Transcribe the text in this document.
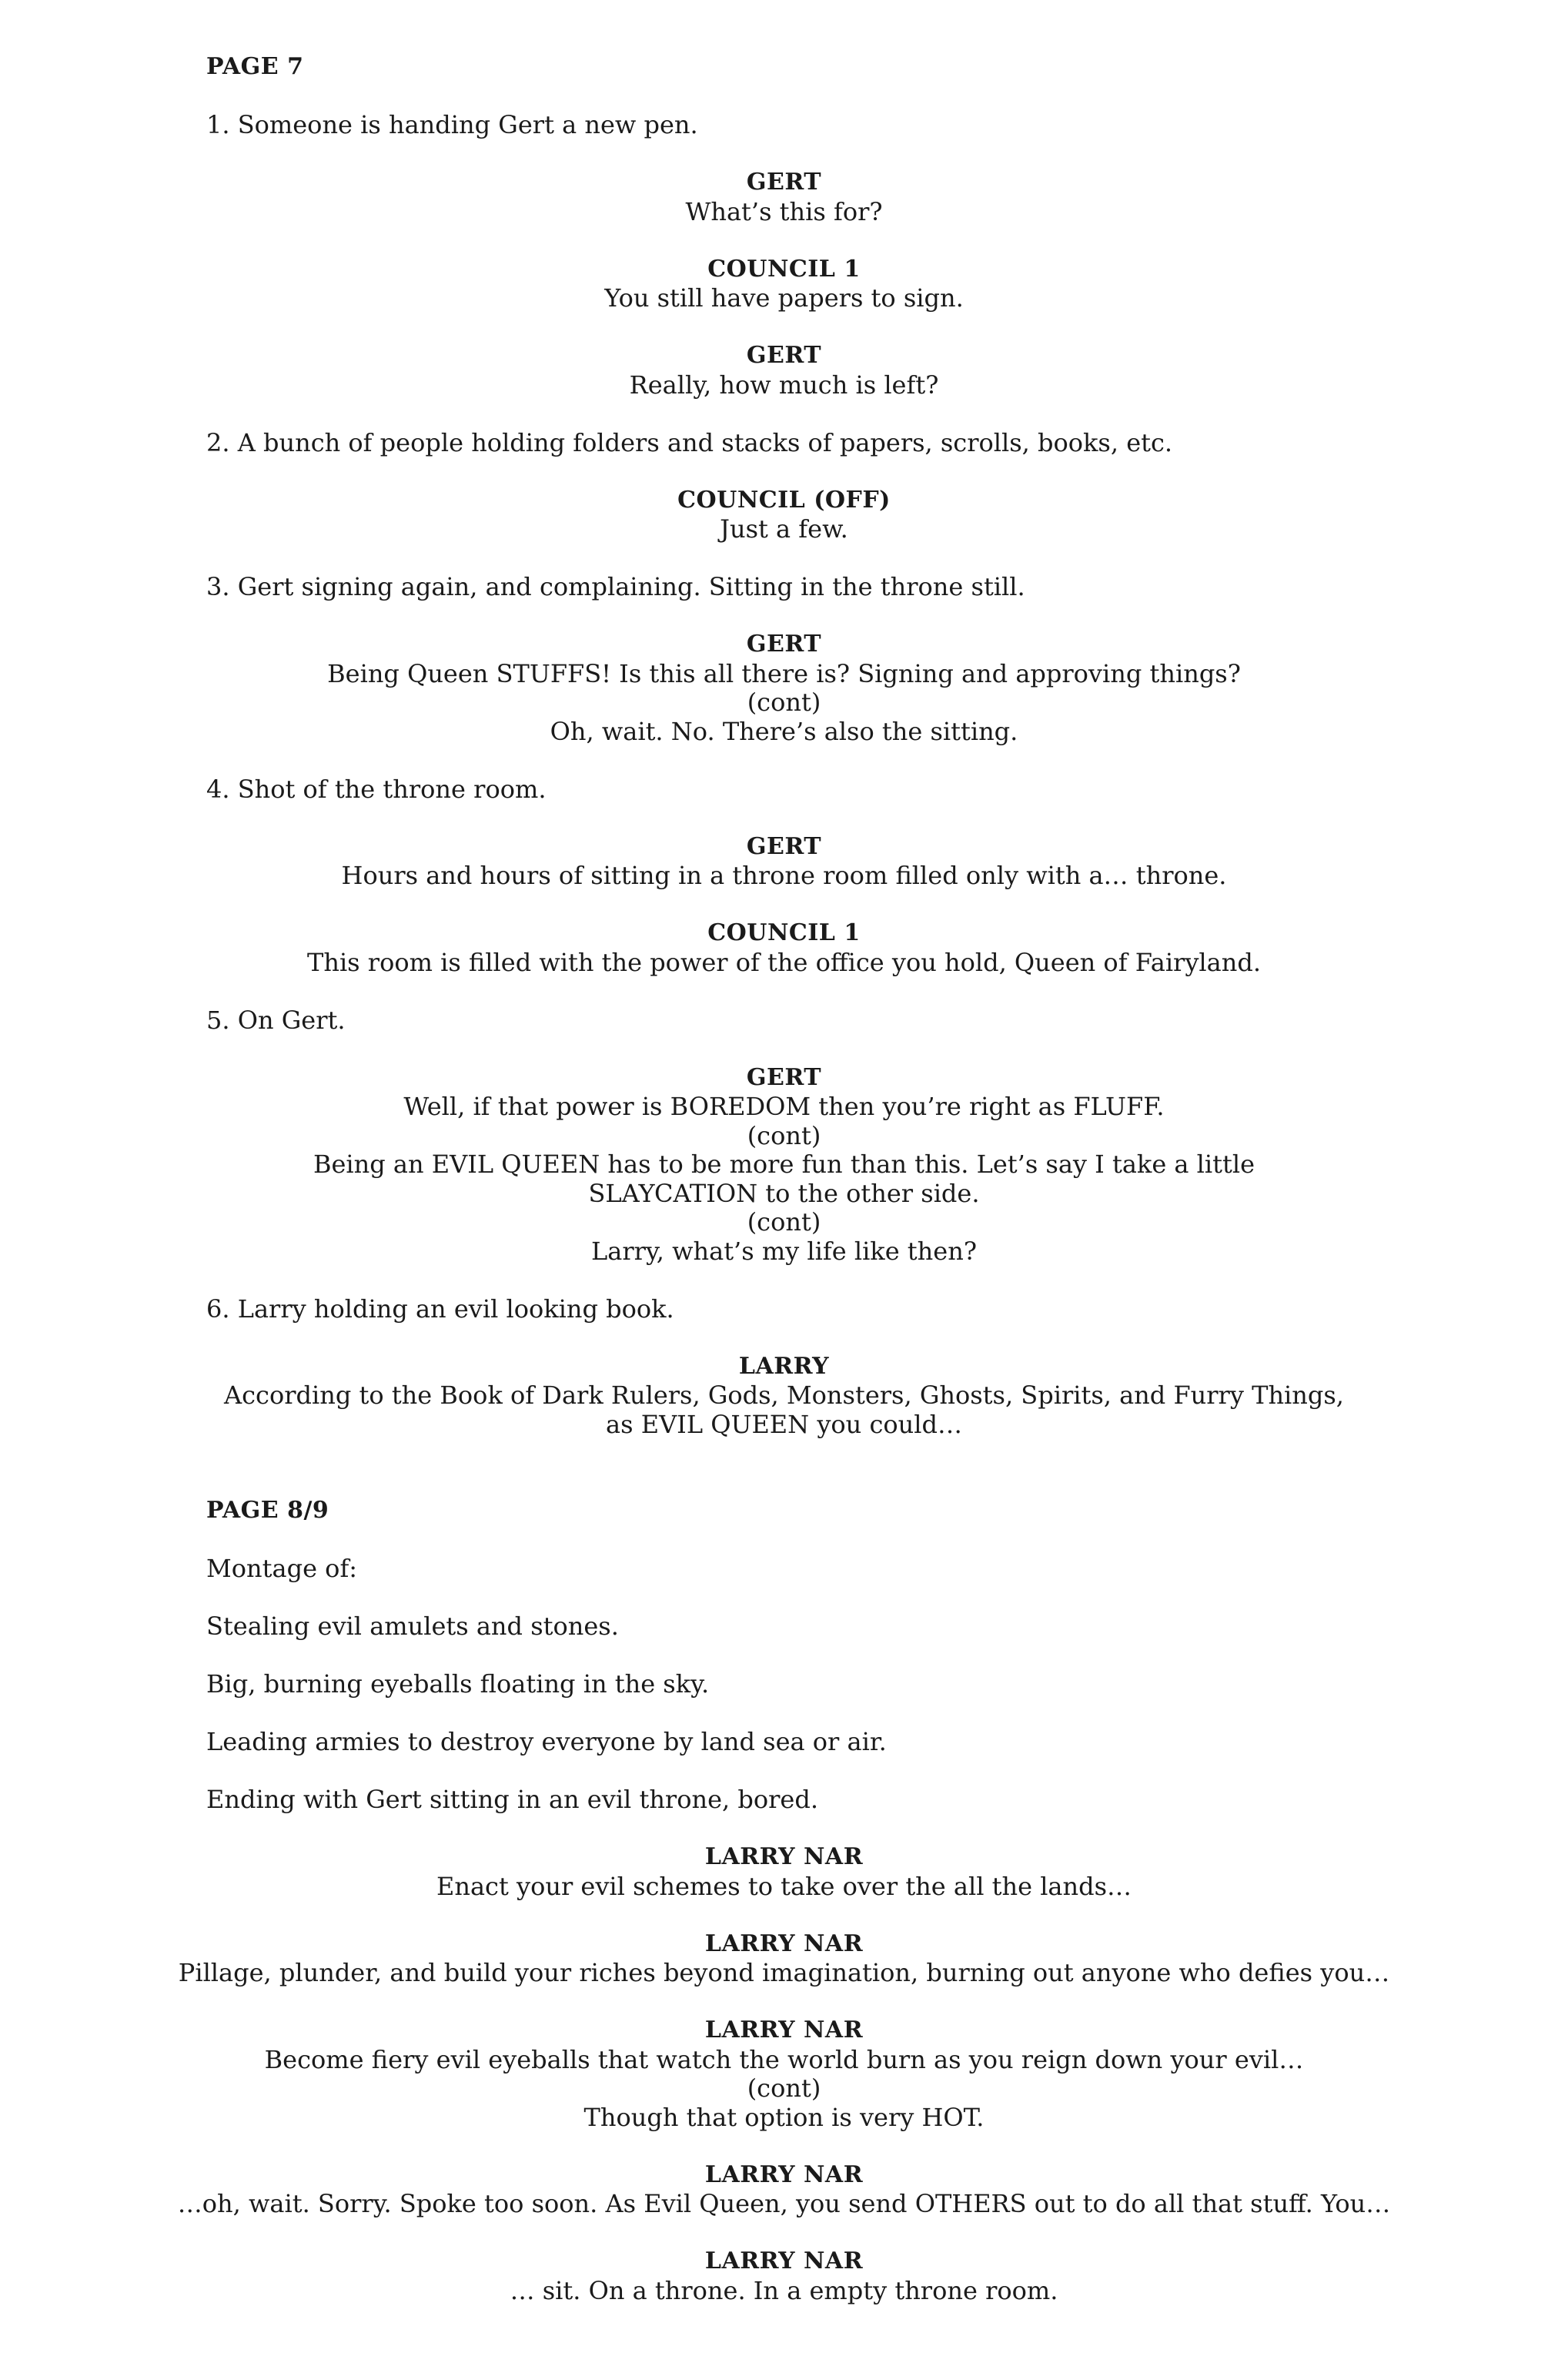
PAGE 7
1. Someone is handing Gert a new pen.
GERT
What’s this for?
COUNCIL 1
You still have papers to sign.
GERT
Really, how much is left?
2. A bunch of people holding folders and stacks of papers, scrolls, books, etc.
COUNCIL (OFF)
Just a few.
3. Gert signing again, and complaining. Sitting in the throne still.
GERT
Being Queen STUFFS! Is this all there is? Signing and approving things?
(cont)
Oh, wait. No. There’s also the sitting.
4. Shot of the throne room.
GERT
Hours and hours of sitting in a throne room filled only with a… throne.
COUNCIL 1
This room is filled with the power of the office you hold, Queen of Fairyland.
5. On Gert.
GERT
Well, if that power is BOREDOM then you’re right as FLUFF.
(cont)
Being an EVIL QUEEN has to be more fun than this. Let’s say I take a little
SLAYCATION to the other side.
(cont)
Larry, what’s my life like then?
6. Larry holding an evil looking book.
LARRY
According to the Book of Dark Rulers, Gods, Monsters, Ghosts, Spirits, and Furry Things,
as EVIL QUEEN you could…
PAGE 8/9
Montage of:
Stealing evil amulets and stones.
Big, burning eyeballs floating in the sky.
Leading armies to destroy everyone by land sea or air.
Ending with Gert sitting in an evil throne, bored.
LARRY NAR
Enact your evil schemes to take over the all the lands…
LARRY NAR
Pillage, plunder, and build your riches beyond imagination, burning out anyone who defies you…
LARRY NAR
Become fiery evil eyeballs that watch the world burn as you reign down your evil…
(cont)
Though that option is very HOT.
LARRY NAR
…oh, wait. Sorry. Spoke too soon. As Evil Queen, you send OTHERS out to do all that stuff. You…
LARRY NAR
… sit. On a throne. In a empty throne room.
